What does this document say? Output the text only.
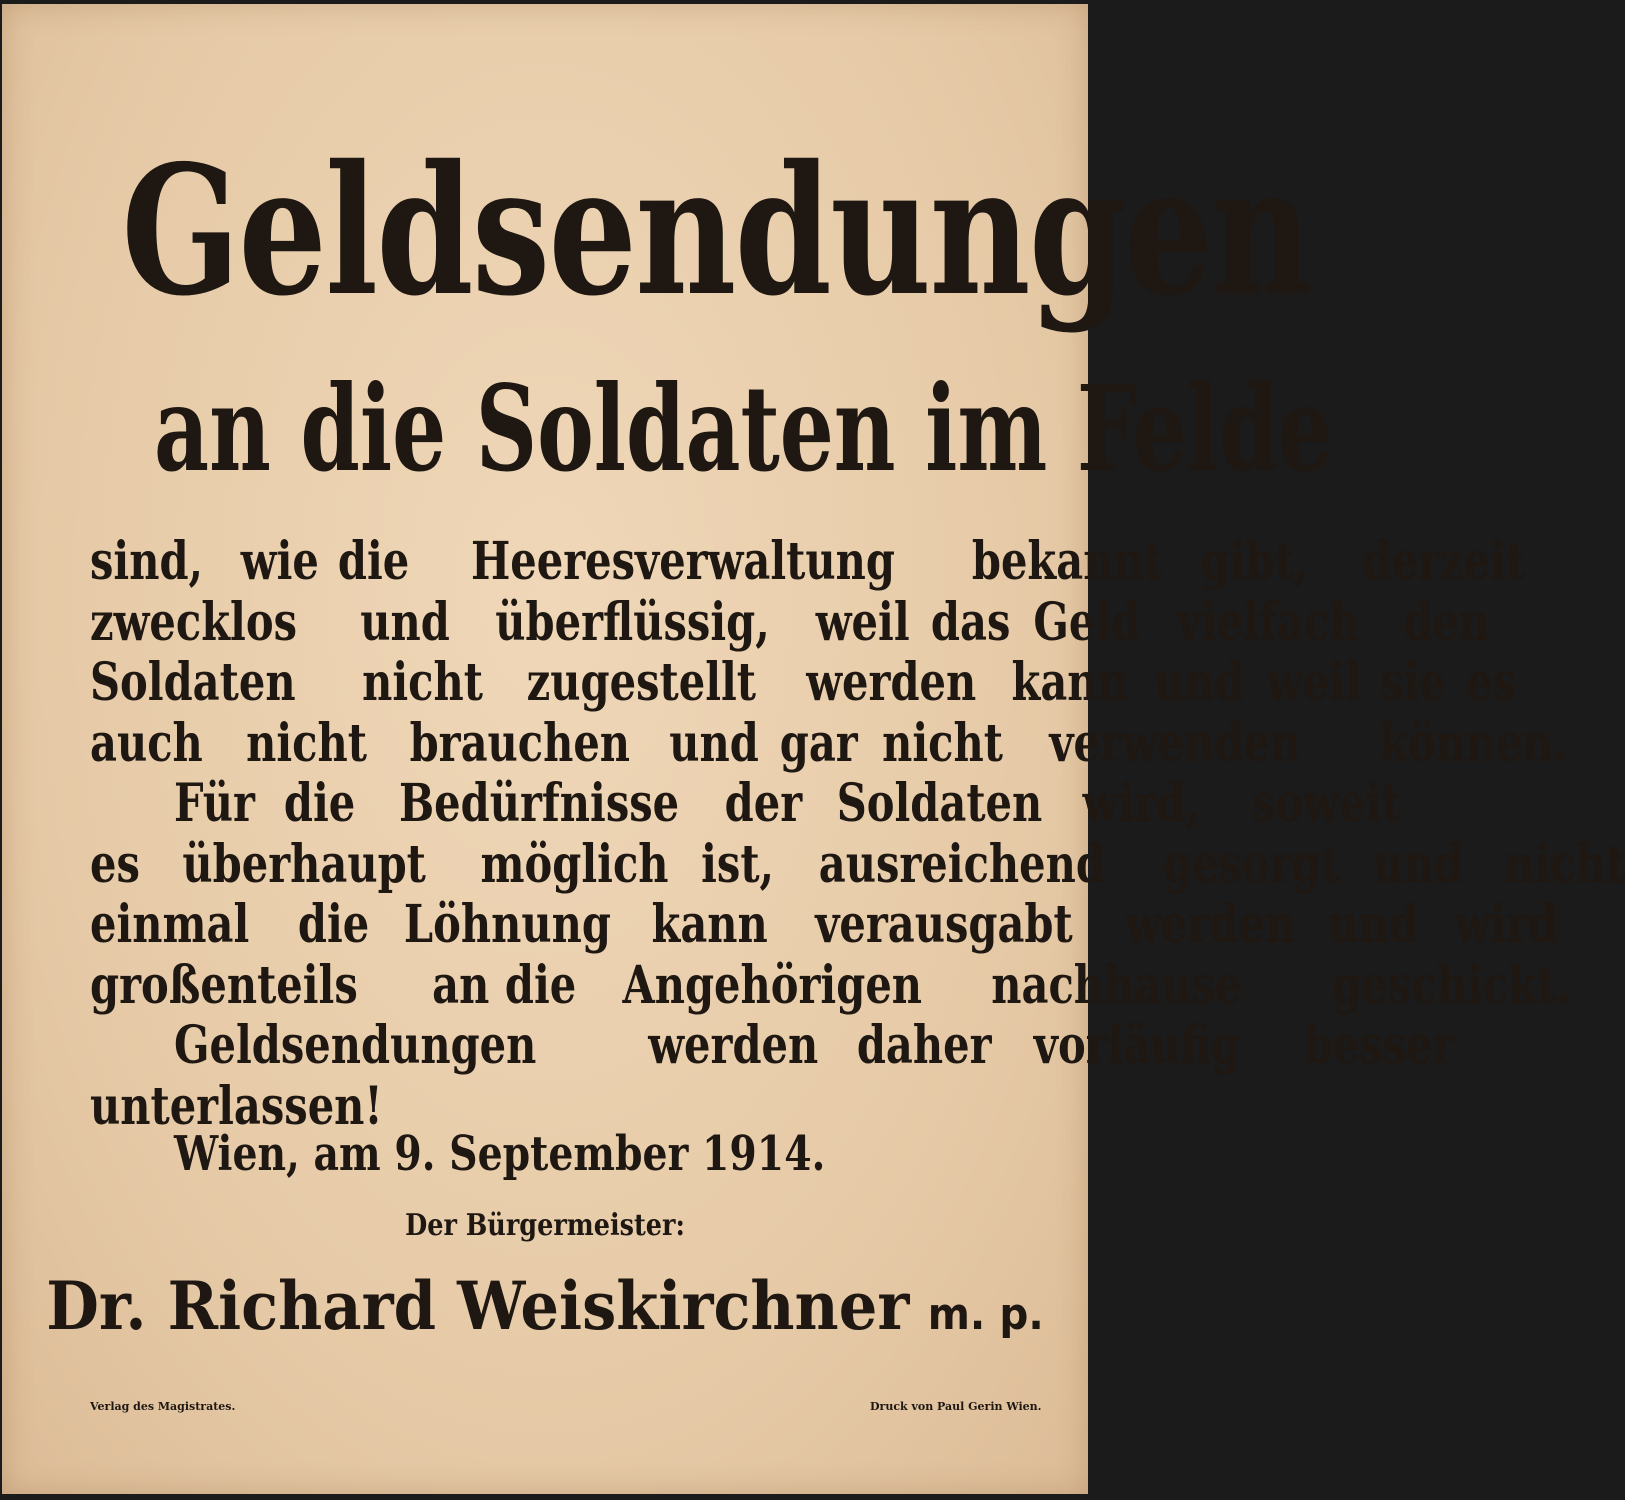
Geldsendungen
an die Soldaten im Felde
sind, wie die Heeresverwaltung bekannt gibt, derzeit
zwecklos und überflüssig, weil das Geld vielfach den
Soldaten nicht zugestellt werden kann und weil sie es
auch nicht brauchen und gar nicht verwenden können.
Für die Bedürfnisse der Soldaten wird, soweit
es überhaupt möglich ist, ausreichend gesorgt und nicht
einmal die Löhnung kann verausgabt werden und wird
großenteils an die Angehörigen nachhause geschickt.
Geldsendungen werden daher vorläufig besser
unterlassen!
Wien, am 9. September 1914.
Der Bürgermeister:
Dr. Richard Weiskirchner m. p.
Verlag des Magistrates.	Druck von Paul Gerin Wien.
